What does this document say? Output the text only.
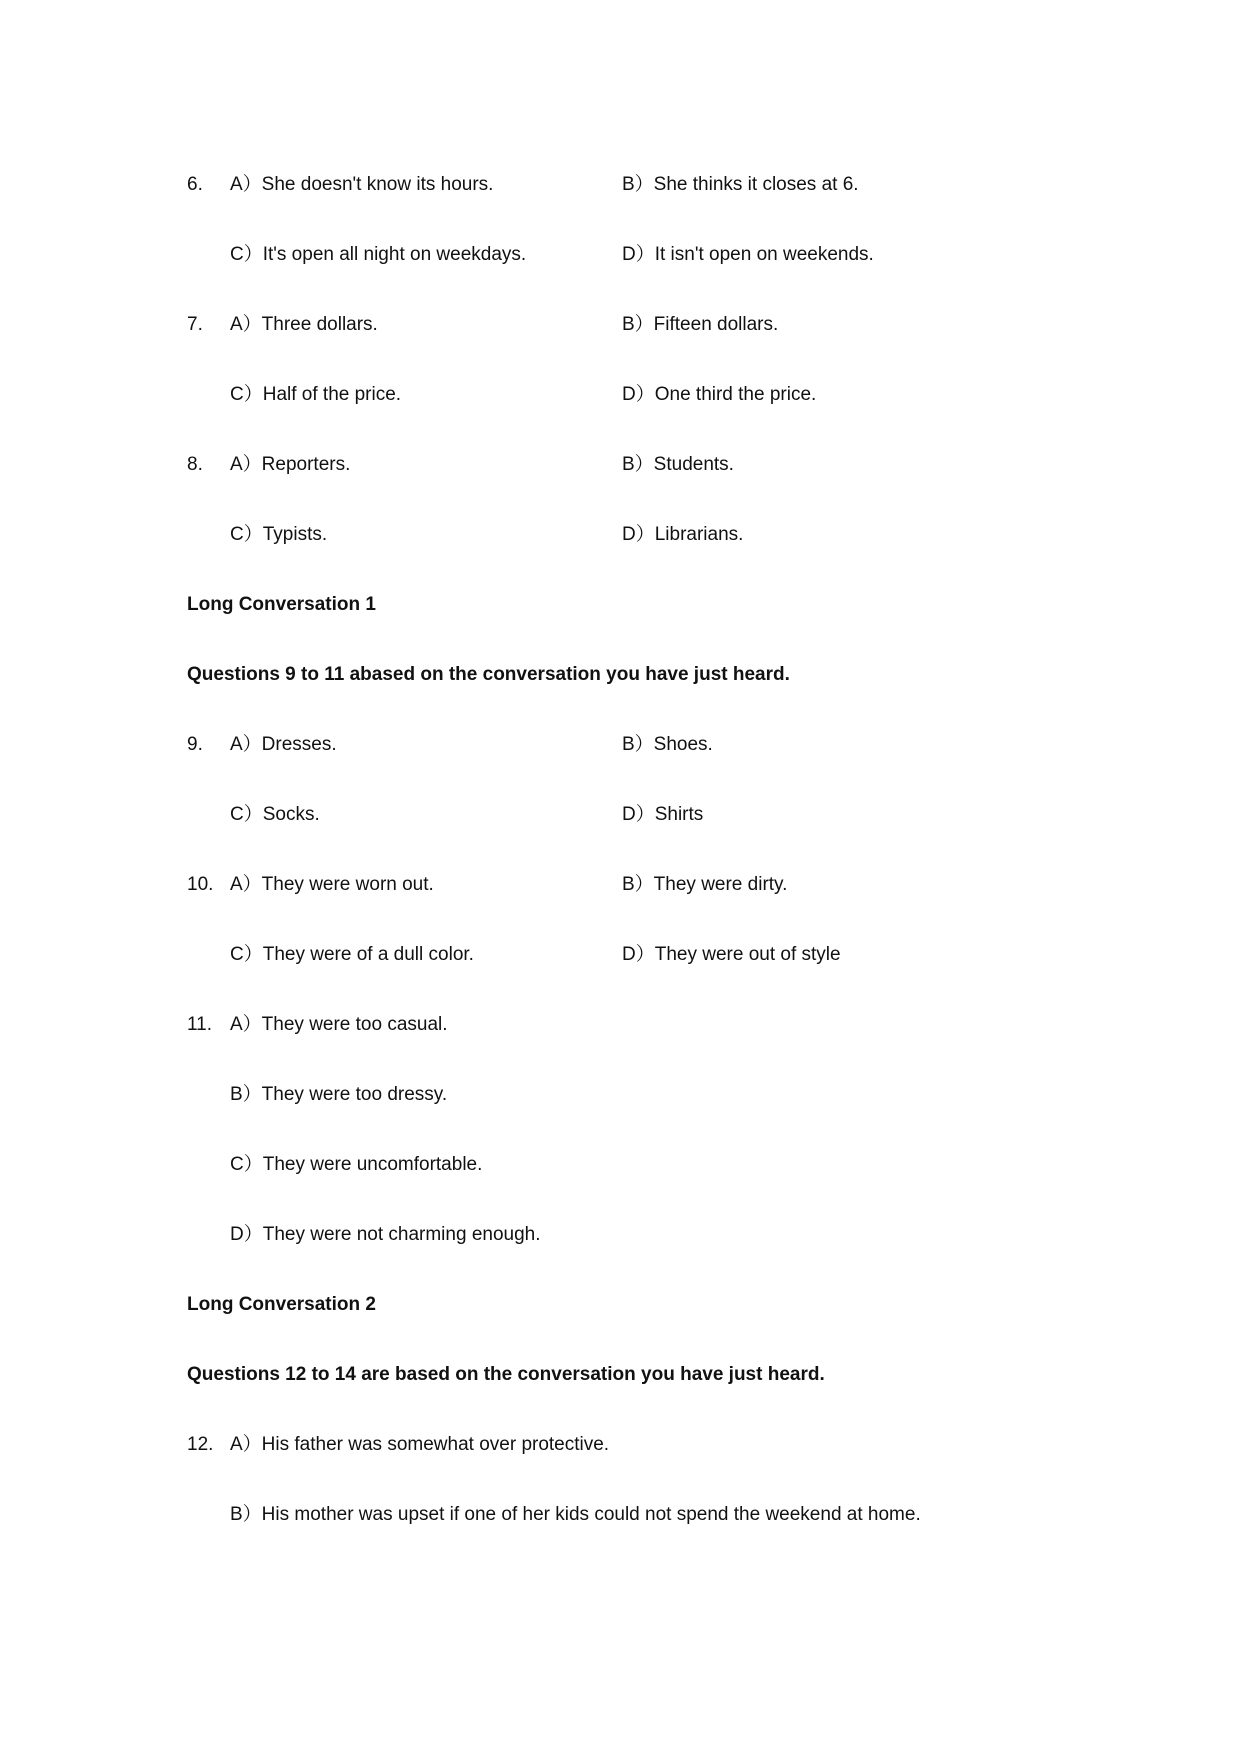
6. A）She doesn't know its hours.	B）She thinks it closes at 6.
C）It's open all night on weekdays.	D）It isn't open on weekends.
7. A）Three dollars.	B）Fifteen dollars.
C）Half of the price.	D）One third the price.
8. A）Reporters.	B）Students.
C）Typists.	D）Librarians.
Long Conversation 1
Questions 9 to 11 abased on the conversation you have just heard.
9. A）Dresses.	B）Shoes.
C）Socks.	D）Shirts
10. A）They were worn out.	B）They were dirty.
C）They were of a dull color.	D）They were out of style
11. A）They were too casual.
B）They were too dressy.
C）They were uncomfortable.
D）They were not charming enough.
Long Conversation 2
Questions 12 to 14 are based on the conversation you have just heard.
12. A）His father was somewhat over protective.
B）His mother was upset if one of her kids could not spend the weekend at home.
